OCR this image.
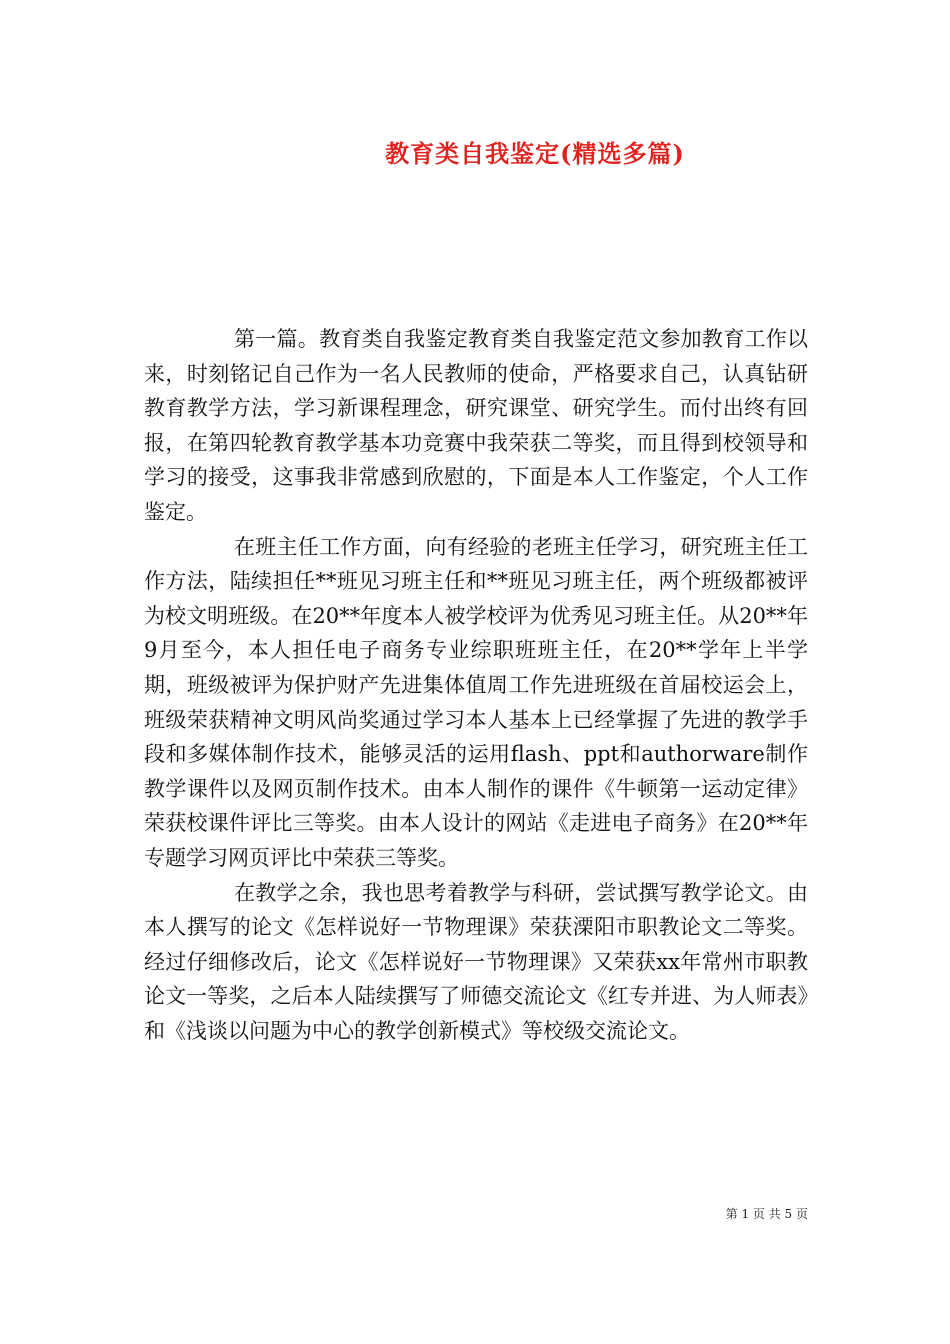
教育类自我鉴定(精选多篇)

第一篇。教育类自我鉴定教育类自我鉴定范文参加教育工作以来，时刻铭记自己作为一名人民教师的使命，严格要求自己，认真钻研教育教学方法，学习新课程理念，研究课堂、研究学生。而付出终有回报，在第四轮教育教学基本功竞赛中我荣获二等奖，而且得到校领导和学习的接受，这事我非常感到欣慰的，下面是本人工作鉴定，个人工作鉴定。

在班主任工作方面，向有经验的老班主任学习，研究班主任工作方法，陆续担任**班见习班主任和**班见习班主任，两个班级都被评为校文明班级。在20**年度本人被学校评为优秀见习班主任。从20**年9月至今，本人担任电子商务专业综职班班主任，在20**学年上半学期，班级被评为保护财产先进集体值周工作先进班级在首届校运会上，班级荣获精神文明风尚奖通过学习本人基本上已经掌握了先进的教学手段和多媒体制作技术，能够灵活的运用flash、ppt和authorware制作教学课件以及网页制作技术。由本人制作的课件《牛顿第一运动定律》荣获校课件评比三等奖。由本人设计的网站《走进电子商务》在20**年专题学习网页评比中荣获三等奖。

在教学之余，我也思考着教学与科研，尝试撰写教学论文。由本人撰写的论文《怎样说好一节物理课》荣获溧阳市职教论文二等奖。经过仔细修改后，论文《怎样说好一节物理课》又荣获xx年常州市职教论文一等奖，之后本人陆续撰写了师德交流论文《红专并进、为人师表》和《浅谈以问题为中心的教学创新模式》等校级交流论文。

第 1 页 共 5 页
